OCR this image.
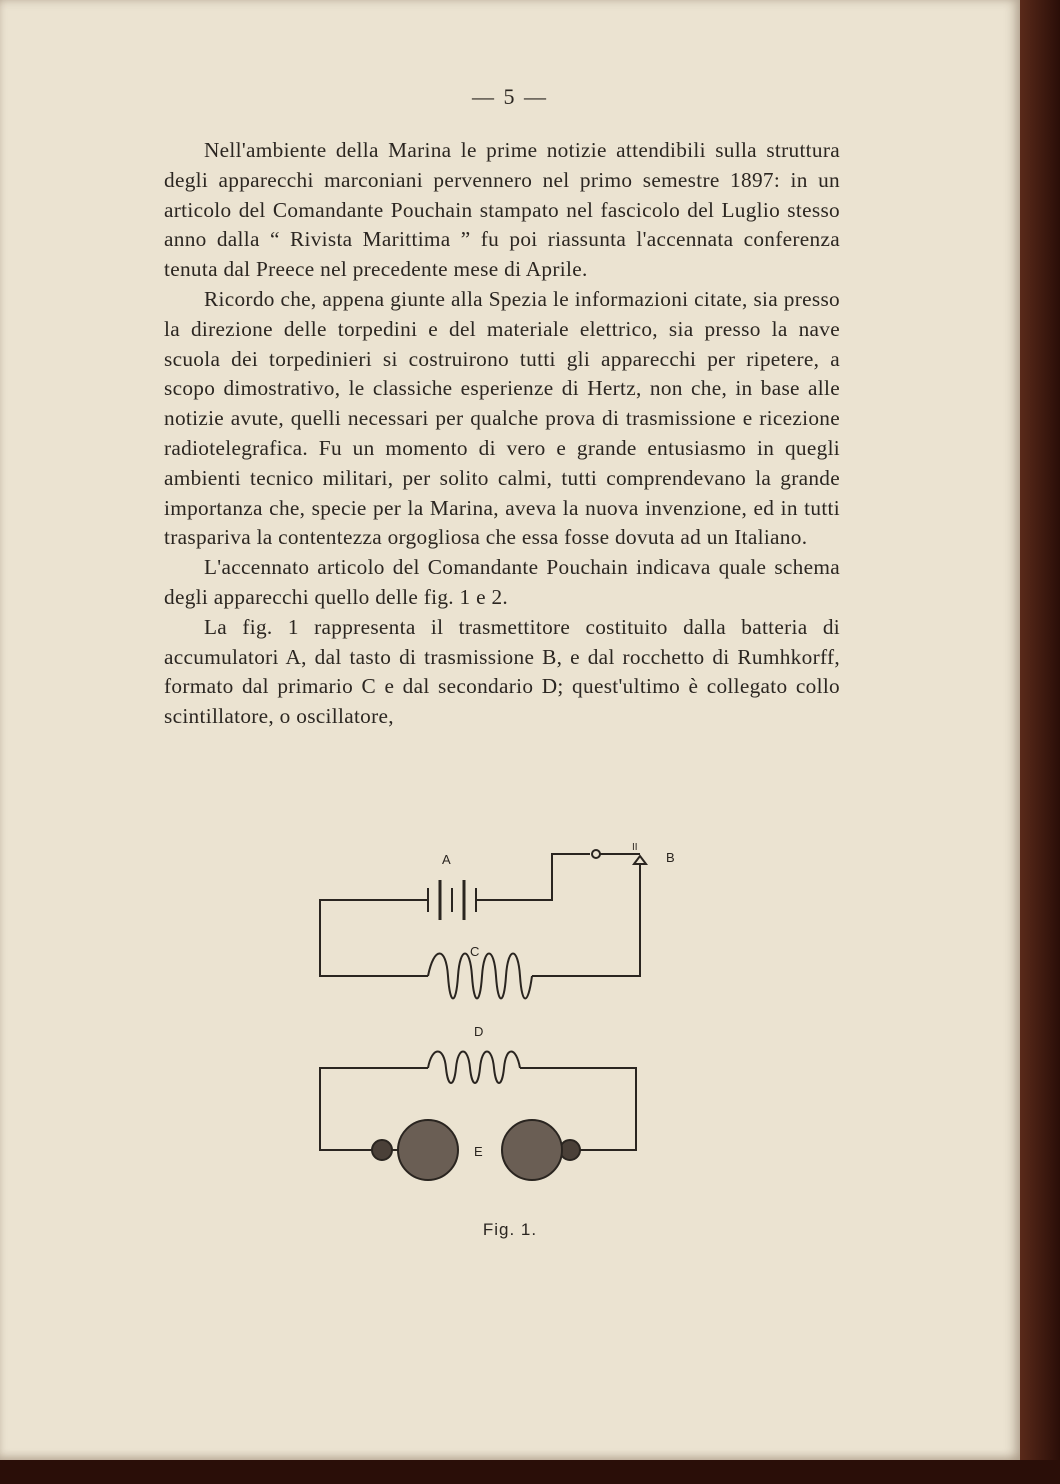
— 5 —

Nell'ambiente della Marina le prime notizie attendibili sulla struttura degli apparecchi marconiani pervennero nel primo semestre 1897: in un articolo del Comandante Pouchain stampato nel fascicolo del Luglio stesso anno dalla “ Rivista Marittima ” fu poi riassunta l'accennata conferenza tenuta dal Preece nel precedente mese di Aprile.

Ricordo che, appena giunte alla Spezia le informazioni citate, sia presso la direzione delle torpedini e del materiale elettrico, sia presso la nave scuola dei torpedinieri si costruirono tutti gli apparecchi per ripetere, a scopo dimostrativo, le classiche esperienze di Hertz, non che, in base alle notizie avute, quelli necessari per qualche prova di trasmissione e ricezione radiotelegrafica. Fu un momento di vero e grande entusiasmo in quegli ambienti tecnico militari, per solito calmi, tutti comprendevano la grande importanza che, specie per la Marina, aveva la nuova invenzione, ed in tutti traspariva la contentezza orgogliosa che essa fosse dovuta ad un Italiano.

L'accennato articolo del Comandante Pouchain indicava quale schema degli apparecchi quello delle fig. 1 e 2.

La fig. 1 rappresenta il trasmettitore costituito dalla batteria di accumulatori A, dal tasto di trasmissione B, e dal rocchetto di Rumhkorff, formato dal primario C e dal secondario D; quest'ultimo è collegato collo scintillatore, o oscillatore,

A	B
II
C
D
E
Fig. 1.
